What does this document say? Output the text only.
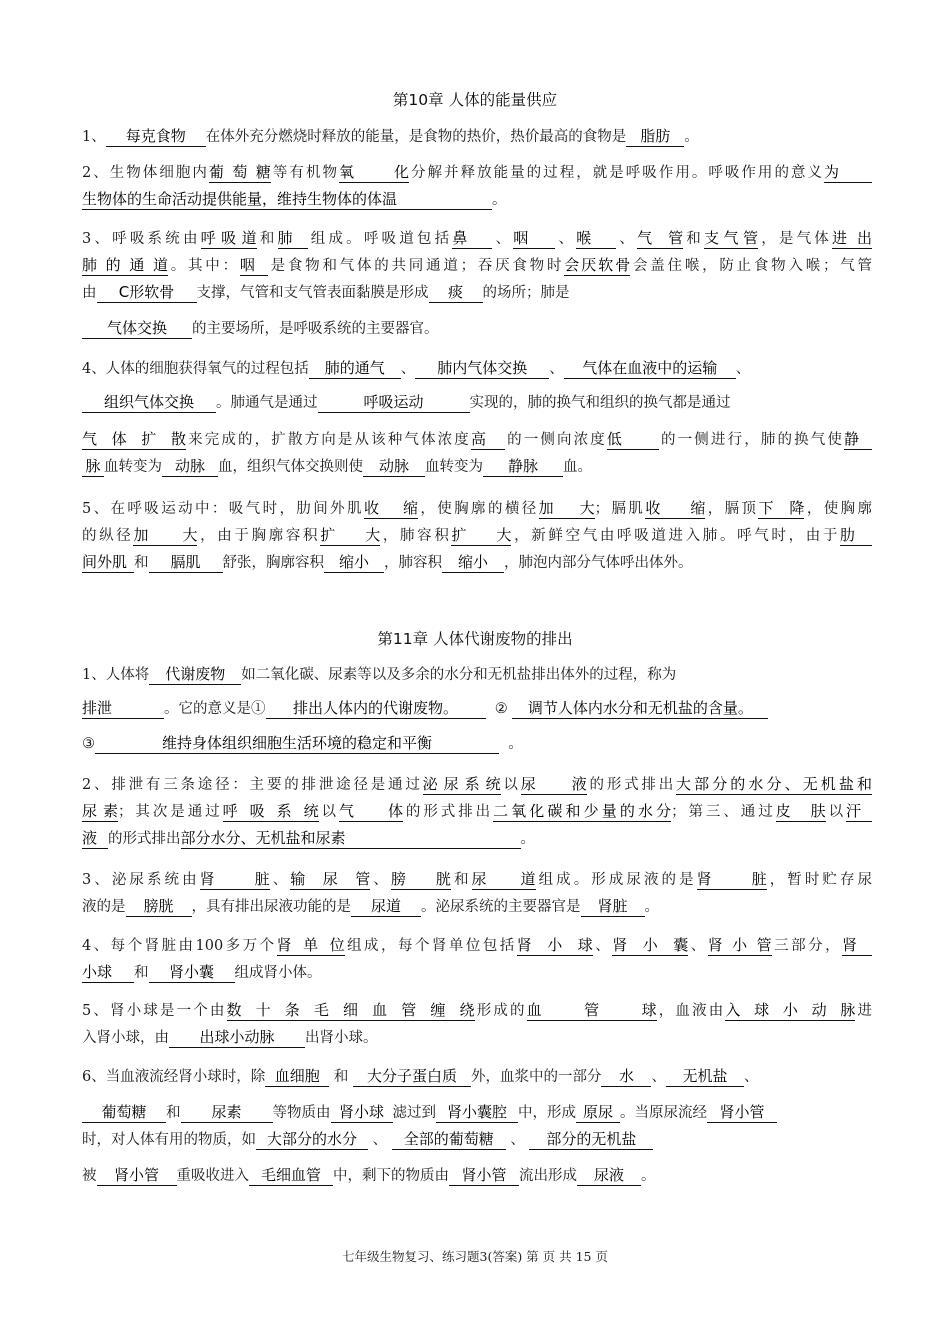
第10章 人体的能量供应
1、 每克食物 在体外充分燃烧时释放的能量，是食物的热价，热价最高的食物是 脂肪 。
2、生物体细胞内葡萄糖等有机物氧化分解并释放能量的过程，就是呼吸作用。呼吸作用的意义为
生物体的生命活动提供能量，维持生物体的体温	。
3、呼吸系统由呼吸道和肺 组成。呼吸道包括鼻 、咽 、喉 、气管和支气管，是气体进出
肺的通道。其中：咽 是食物和气体的共同通道；吞厌食物时会厌软骨会盖住喉，防止食物入喉；气管
由 C形软骨 支撑，气管和支气管表面黏膜是形成 痰 的场所；肺是
气体交换 的主要场所，是呼吸系统的主要器官。
4、人体的细胞获得氧气的过程包括 肺的通气 、 肺内气体交换 、 气体在血液中的运输 、
组织气体交换 。肺通气是通过	呼吸运动	实现的，肺的换气和组织的换气都是通过
气体扩散来完成的，扩散方向是从该种气体浓度高 的一侧向浓度低	的一侧进行，肺的换气使静
脉 血转变为 动脉 血，组织气体交换则使 动脉 血转变为 静脉 血。
5、在呼吸运动中：吸气时，肋间外肌收缩，使胸廓的横径加大；膈肌收缩，膈顶下降，使胸廓
的纵径加大，由于胸廓容积扩大，肺容积扩大，新鲜空气由呼吸道进入肺。呼气时，由于肋
间外肌 和 膈肌 舒张，胸廓容积 缩小 ，肺容积 缩小 ，肺泡内部分气体呼出体外。
第11章 人体代谢废物的排出
1、人体将 代谢废物 如二氧化碳、尿素等以及多余的水分和无机盐排出体外的过程，称为
排泄	。它的意义是① 排出人体内的代谢废物。	② 调节人体内水分和无机盐的含量。
③	维持身体组织细胞生活环境的稳定和平衡	。
2、排泄有三条途径：主要的排泄途径是通过泌尿系统以尿液的形式排出大部分的水分、无机盐和
尿素；其次是通过呼吸系统以气体的形式排出二氧化碳和少量的水分；第三、通过皮肤以汗
液 的形式排出部分水分、无机盐和尿素	。
3、泌尿系统由肾脏、输尿管、膀胱和尿道组成。形成尿液的是肾脏，暂时贮存尿
液的是 膀胱 ，具有排出尿液功能的是 尿道 。泌尿系统的主要器官是 肾脏 。
4、每个肾脏由100多万个肾单位组成，每个肾单位包括肾小球、肾小囊、肾小管三部分，肾
小球 和 肾小囊 组成肾小体。
5、肾小球是一个由数十条毛细血管缠绕形成的血管球，血液由入球小动脉进
入肾小球，由 出球小动脉 出肾小球。
6、当血液流经肾小球时，除 血细胞 和 大分子蛋白质 外，血浆中的一部分 水 、 无机盐 、
葡萄糖 和 尿素 等物质由 肾小球 滤过到 肾小囊腔 中，形成 原尿 。当原尿流经 肾小管
时，对人体有用的物质，如 大部分的水分 、 全部的葡萄糖 、 部分的无机盐
被 肾小管 重吸收进入 毛细血管 中，剩下的物质由 肾小管 流出形成 尿液 。
七年级生物复习、练习题3(答案) 第 页 共 15 页
